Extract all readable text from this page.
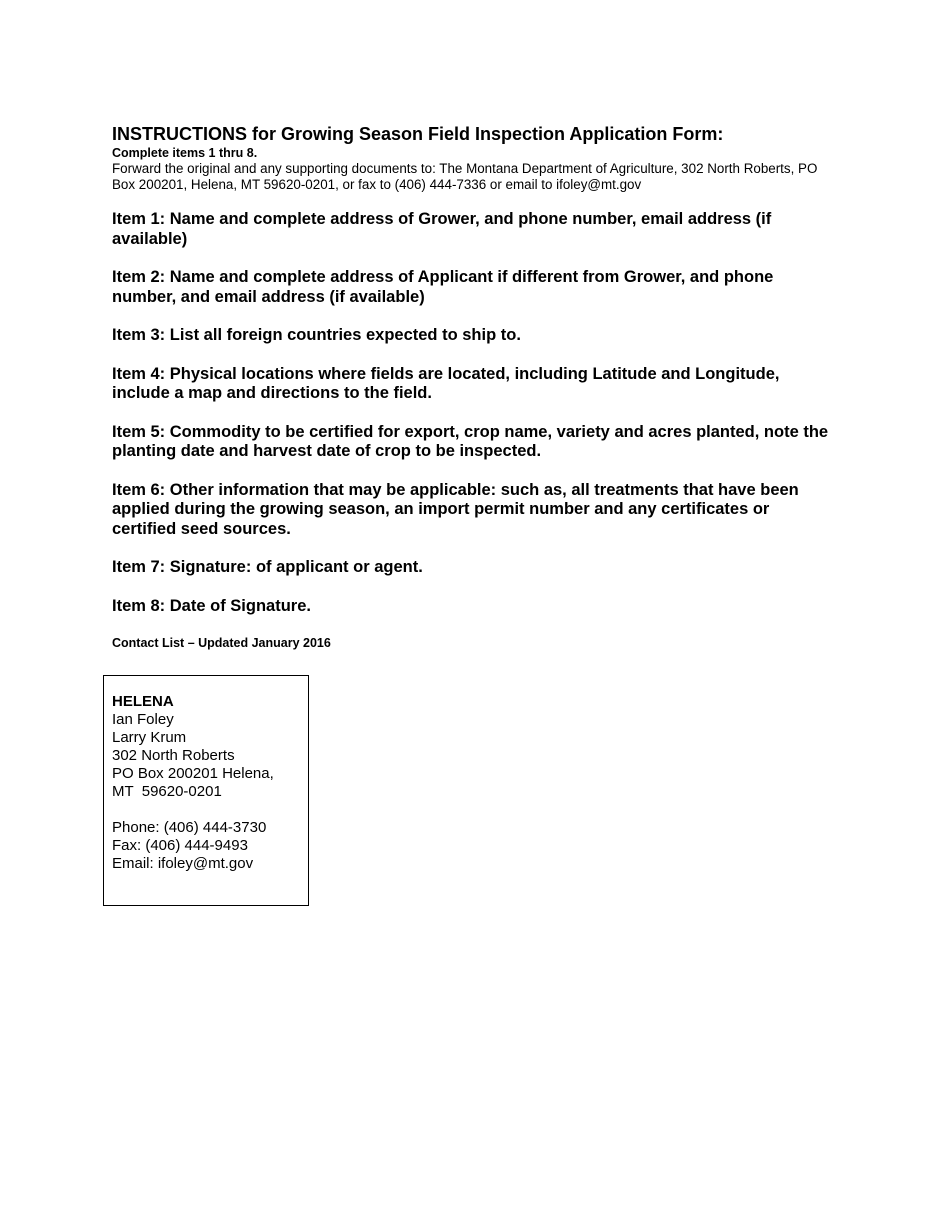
INSTRUCTIONS for Growing Season Field Inspection Application Form:

Complete items 1 thru 8.

Forward the original and any supporting documents to: The Montana Department of Agriculture, 302 North Roberts, PO Box 200201, Helena, MT 59620-0201, or fax to (406) 444-7336 or email to ifoley@mt.gov

Item 1: Name and complete address of Grower, and phone number, email address (if available)

Item 2: Name and complete address of Applicant if different from Grower, and phone number, and email address (if available)

Item 3: List all foreign countries expected to ship to.

Item 4: Physical locations where fields are located, including Latitude and Longitude, include a map and directions to the field.

Item 5: Commodity to be certified for export, crop name, variety and acres planted, note the planting date and harvest date of crop to be inspected.

Item 6: Other information that may be applicable: such as, all treatments that have been applied during the growing season, an import permit number and any certificates or certified seed sources.

Item 7: Signature: of applicant or agent.

Item 8: Date of Signature.

Contact List – Updated January 2016

HELENA
Ian Foley
Larry Krum
302 North Roberts
PO Box 200201 Helena,
MT  59620-0201
Phone: (406) 444-3730
Fax: (406) 444-9493
Email: ifoley@mt.gov
